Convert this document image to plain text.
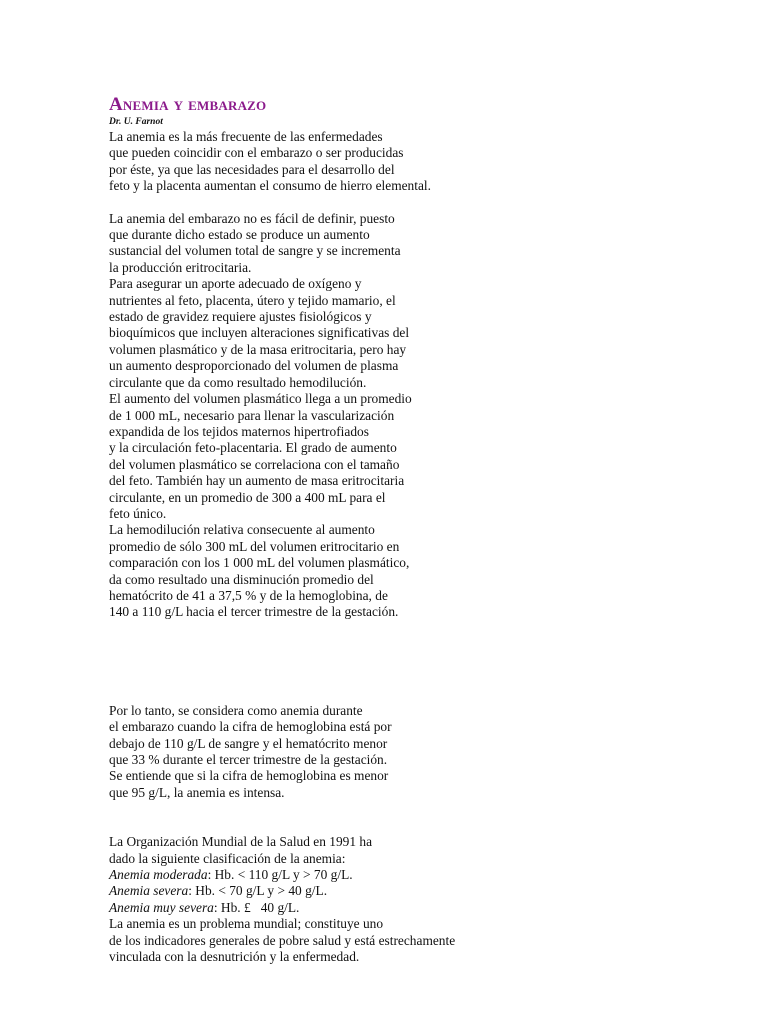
Anemia y embarazo
Dr. U. Farnot
La anemia es la más frecuente de las enfermedades
que pueden coincidir con el embarazo o ser producidas
por éste, ya que las necesidades para el desarrollo del
feto y la placenta aumentan el consumo de hierro elemental.
La anemia del embarazo no es fácil de definir, puesto
que durante dicho estado se produce un aumento
sustancial del volumen total de sangre y se incrementa
la producción eritrocitaria.
Para asegurar un aporte adecuado de oxígeno y
nutrientes al feto, placenta, útero y tejido mamario, el
estado de gravidez requiere ajustes fisiológicos y
bioquímicos que incluyen alteraciones significativas del
volumen plasmático y de la masa eritrocitaria, pero hay
un aumento desproporcionado del volumen de plasma
circulante que da como resultado hemodilución.
El aumento del volumen plasmático llega a un promedio
de 1 000 mL, necesario para llenar la vascularización
expandida de los tejidos maternos hipertrofiados
y la circulación feto-placentaria. El grado de aumento
del volumen plasmático se correlaciona con el tamaño
del feto. También hay un aumento de masa eritrocitaria
circulante, en un promedio de 300 a 400 mL para el
feto único.
La hemodilución relativa consecuente al aumento
promedio de sólo 300 mL del volumen eritrocitario en
comparación con los 1 000 mL del volumen plasmático,
da como resultado una disminución promedio del
hematócrito de 41 a 37,5 % y de la hemoglobina, de
140 a 110 g/L hacia el tercer trimestre de la gestación.
Por lo tanto, se considera como anemia durante
el embarazo cuando la cifra de hemoglobina está por
debajo de 110 g/L de sangre y el hematócrito menor
que 33 % durante el tercer trimestre de la gestación.
Se entiende que si la cifra de hemoglobina es menor
que 95 g/L, la anemia es intensa.
La Organización Mundial de la Salud en 1991 ha
dado la siguiente clasificación de la anemia:
Anemia moderada: Hb. < 110 g/L y > 70 g/L.
Anemia severa: Hb. < 70 g/L y > 40 g/L.
Anemia muy severa: Hb. £   40 g/L.
La anemia es un problema mundial; constituye uno
de los indicadores generales de pobre salud y está estrechamente
vinculada con la desnutrición y la enfermedad.
